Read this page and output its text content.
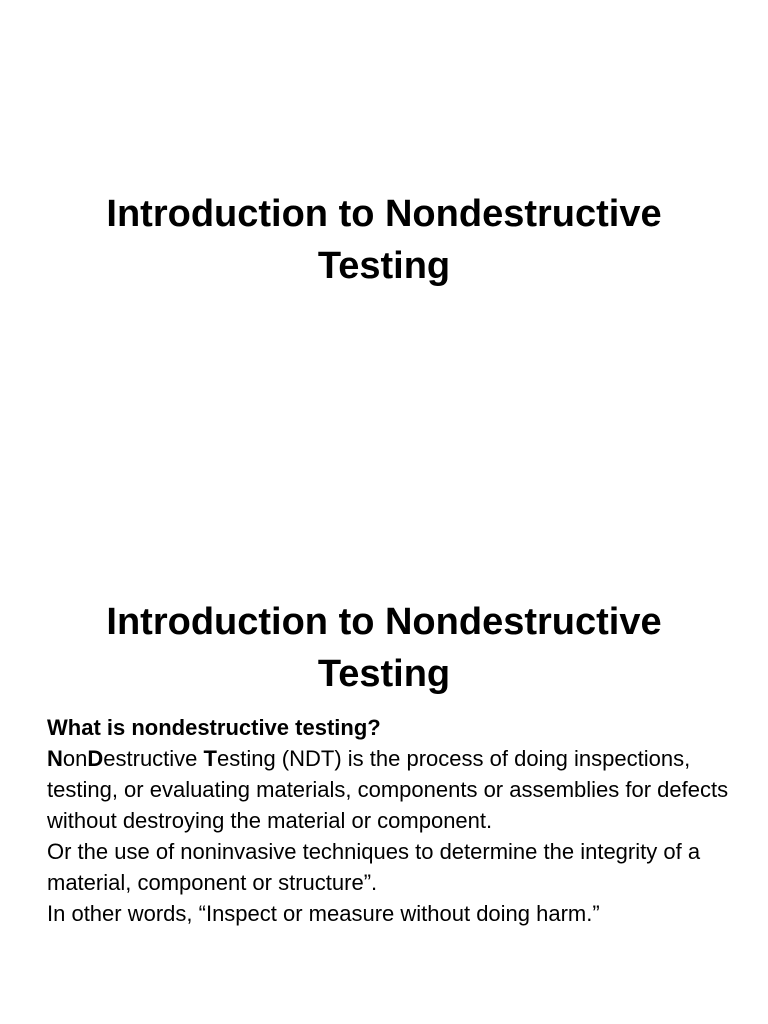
Introduction to Nondestructive
Testing
Introduction to Nondestructive
Testing

What is nondestructive testing?

NonDestructive Testing (NDT) is the process of doing inspections, testing, or evaluating materials, components or assemblies for defects without destroying the material or component.

Or the use of noninvasive techniques to determine the integrity of a material, component or structure”.

In other words, “Inspect or measure without doing harm.”
